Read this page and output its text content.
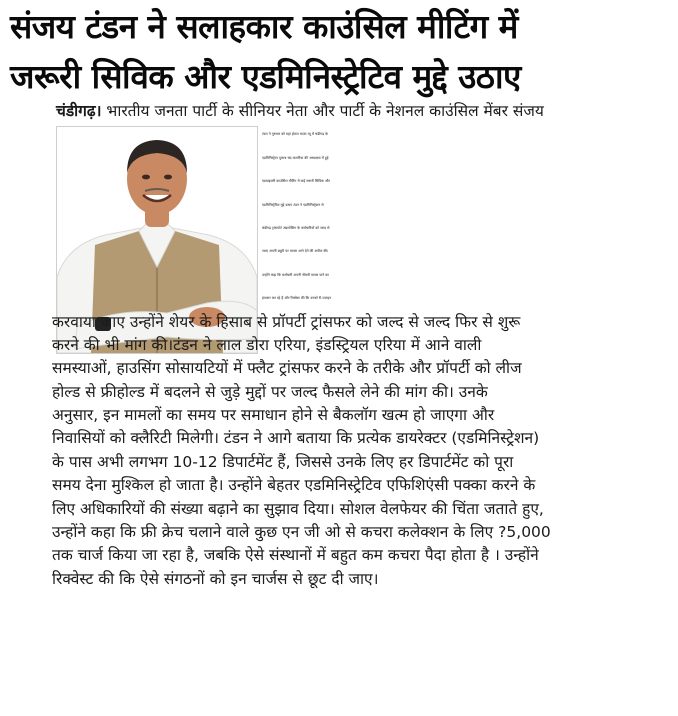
संजय टंडन ने सलाहकार काउंसिल मीटिंग में
जरूरी सिविक और एडमिनिस्ट्रेटिव मुद्दे उठाए
चंडीगढ़। भारतीय जनता पार्टी के सीनियर नेता और पार्टी के नेशनल काउंसिल मेंबर संजय
टंडन ने गुरुवार को यहां होटल माउंट व्यू में चंडीगढ़ के
एडमिनिस्ट्रेटर गुलाब चंद कटारिया की अध्यक्षता में हुई
एडवाइजरी काउंसिल मीटिंग में कई जरूरी सिविक और
एडमिनिस्ट्रेटिव मुद्दे उठाए टंडन ने एडमिनिस्ट्रेशन से
चंडीगढ़ ट्रांसपोर्ट अंडरटेकिंग के कर्मचारियों को जल्द से
जल्द अपनी ड्यूटी पर वापस आने देने की अपील की।
उन्होंने कहा कि कर्मचारी अपनी नौकरी वापस पाने का
इंतजार कर रहे हैं और रिक्वेस्ट की कि उनको री-ज्वाइन
करवाया जाए उन्होंने शेयर के हिसाब से प्रॉपर्टी ट्रांसफर को जल्द से जल्द फिर से शुरू
करने की भी मांग की।टंडन ने लाल डोरा एरिया, इंडस्ट्रियल एरिया में आने वाली
समस्याओं, हाउसिंग सोसायटियों में फ्लैट ट्रांसफर करने के तरीके और प्रॉपर्टी को लीज
होल्ड से फ्रीहोल्ड में बदलने से जुड़े मुद्दों पर जल्द फैसले लेने की मांग की। उनके
अनुसार, इन मामलों का समय पर समाधान होने से बैकलॉग खत्म हो जाएगा और
निवासियों को क्लैरिटी मिलेगी। टंडन ने आगे बताया कि प्रत्येक डायरेक्टर (एडमिनिस्ट्रेशन)
के पास अभी लगभग 10-12 डिपार्टमेंट हैं, जिससे उनके लिए हर डिपार्टमेंट को पूरा
समय देना मुश्किल हो जाता है। उन्होंने बेहतर एडमिनिस्ट्रेटिव एफिशिएंसी पक्का करने के
लिए अधिकारियों की संख्या बढ़ाने का सुझाव दिया। सोशल वेलफेयर की चिंता जताते हुए,
उन्होंने कहा कि फ्री क्रेच चलाने वाले कुछ एन जी ओ से कचरा कलेक्शन के लिए ?5,000
तक चार्ज किया जा रहा है, जबकि ऐसे संस्थानों में बहुत कम कचरा पैदा होता है । उन्होंने
रिक्वेस्ट की कि ऐसे संगठनों को इन चार्जस से छूट दी जाए।
